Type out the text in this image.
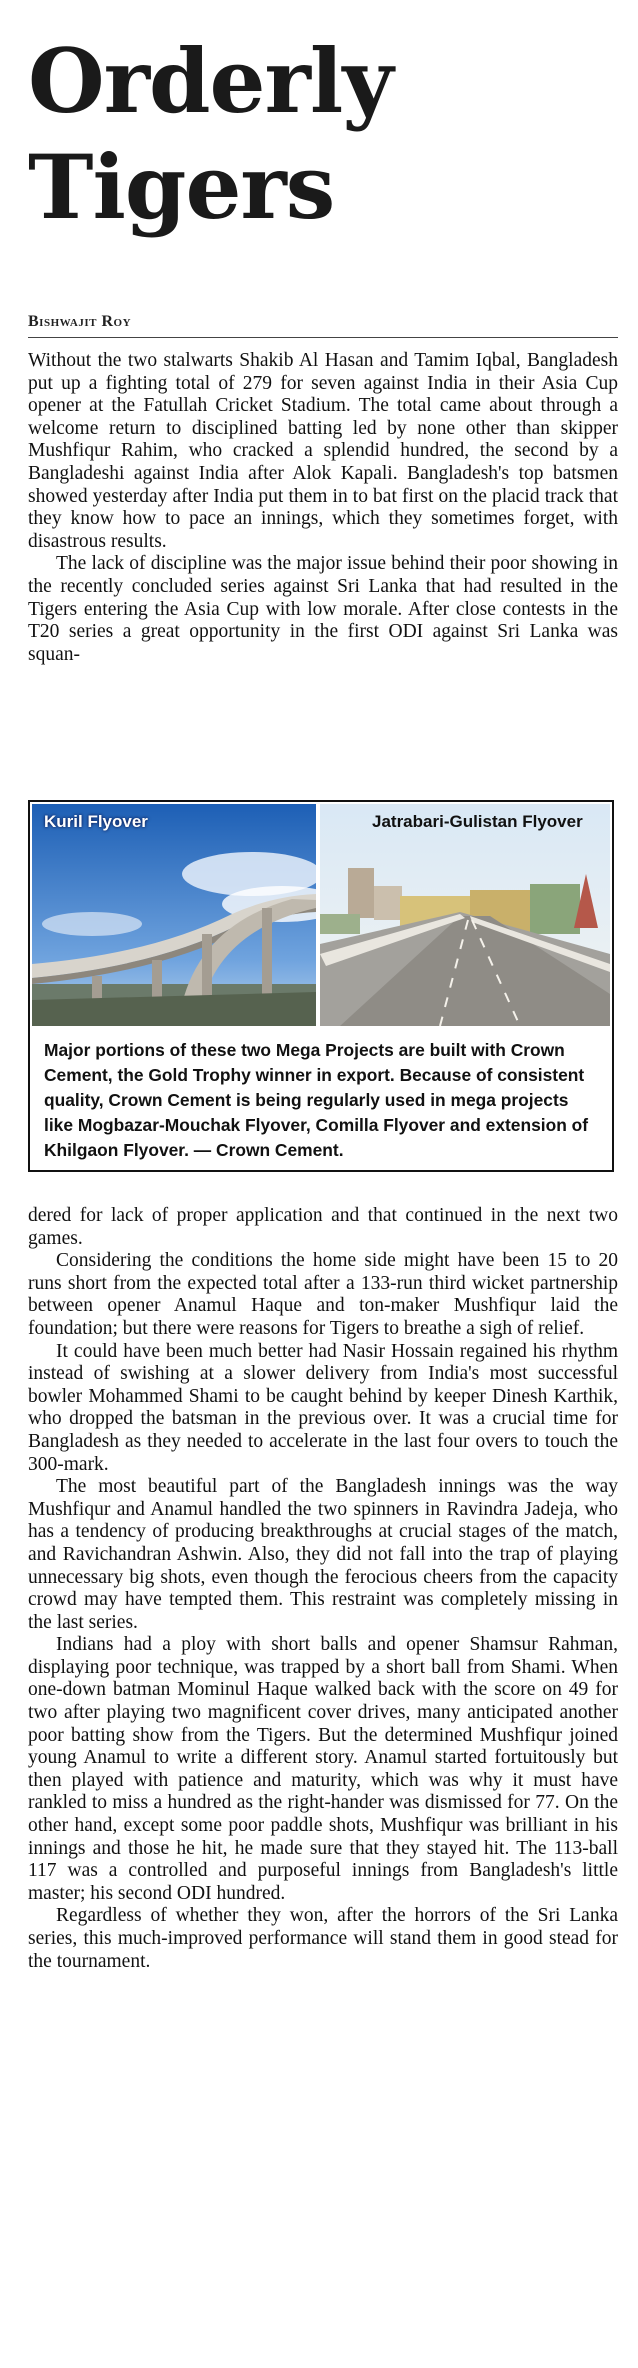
Orderly
Tigers
Bishwajit Roy

Without the two stalwarts Shakib Al Hasan and Tamim Iqbal, Bangladesh put up a fighting total of 279 for seven against India in their Asia Cup opener at the Fatullah Cricket Stadium. The total came about through a welcome return to disciplined batting led by none other than skipper Mushfiqur Rahim, who cracked a splendid hundred, the second by a Bangladeshi against India after Alok Kapali. Bangladesh's top batsmen showed yesterday after India put them in to bat first on the placid track that they know how to pace an innings, which they sometimes forget, with disastrous results.

The lack of discipline was the major issue behind their poor showing in the recently concluded series against Sri Lanka that had resulted in the Tigers entering the Asia Cup with low morale. After close contests in the T20 series a great opportunity in the first ODI against Sri Lanka was squan-

Kuril Flyover	Jatrabari-Gulistan Flyover
Major portions of these two Mega Projects are built with Crown Cement, the Gold Trophy winner in export. Because of consistent quality, Crown Cement is being regularly used in mega projects like Mogbazar-Mouchak Flyover, Comilla Flyover and extension of Khilgaon Flyover. — Crown Cement.

dered for lack of proper application and that continued in the next two games.

Considering the conditions the home side might have been 15 to 20 runs short from the expected total after a 133-run third wicket partnership between opener Anamul Haque and ton-maker Mushfiqur laid the foundation; but there were reasons for Tigers to breathe a sigh of relief.

It could have been much better had Nasir Hossain regained his rhythm instead of swishing at a slower delivery from India's most successful bowler Mohammed Shami to be caught behind by keeper Dinesh Karthik, who dropped the batsman in the previous over. It was a crucial time for Bangladesh as they needed to accelerate in the last four overs to touch the 300-mark.

The most beautiful part of the Bangladesh innings was the way Mushfiqur and Anamul handled the two spinners in Ravindra Jadeja, who has a tendency of producing breakthroughs at crucial stages of the match, and Ravichandran Ashwin. Also, they did not fall into the trap of playing unnecessary big shots, even though the ferocious cheers from the capacity crowd may have tempted them. This restraint was completely missing in the last series.

Indians had a ploy with short balls and opener Shamsur Rahman, displaying poor technique, was trapped by a short ball from Shami. When one-down batman Mominul Haque walked back with the score on 49 for two after playing two magnificent cover drives, many anticipated another poor batting show from the Tigers. But the determined Mushfiqur joined young Anamul to write a different story. Anamul started fortuitously but then played with patience and maturity, which was why it must have rankled to miss a hundred as the right-hander was dismissed for 77. On the other hand, except some poor paddle shots, Mushfiqur was brilliant in his innings and those he hit, he made sure that they stayed hit. The 113-ball 117 was a controlled and purposeful innings from Bangladesh's little master; his second ODI hundred.

Regardless of whether they won, after the horrors of the Sri Lanka series, this much-improved performance will stand them in good stead for the tournament.
